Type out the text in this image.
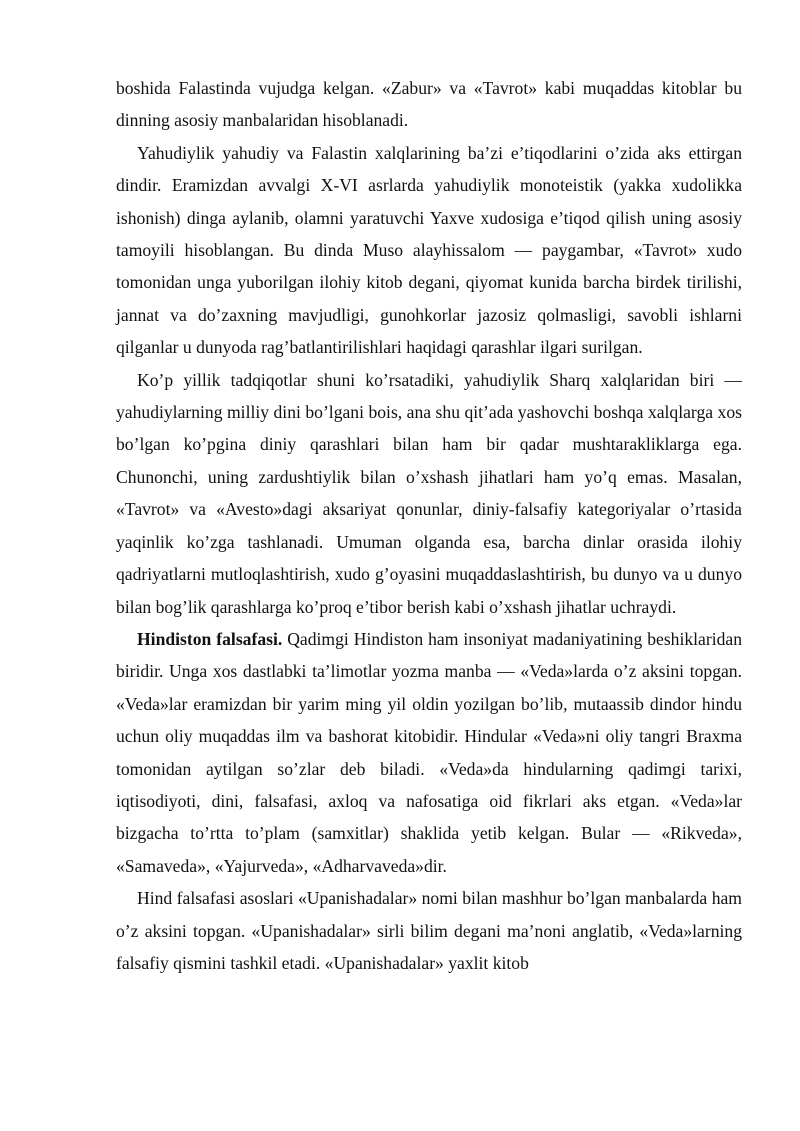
boshida Falastinda vujudga kelgan. «Zabur» va «Tavrot» kabi muqaddas kitoblar bu dinning asosiy manbalaridan hisoblanadi.

Yahudiylik yahudiy va Falastin xalqlarining ba’zi e’tiqodlarini o’zida aks ettirgan dindir. Eramizdan avvalgi X-VI asrlarda yahudiylik monoteistik (yakka xudolikka ishonish) dinga aylanib, olamni yaratuvchi Yaxve xudosiga e’tiqod qilish uning asosiy tamoyili hisoblangan. Bu dinda Muso alayhissalom — paygambar, «Tavrot» xudo tomonidan unga yuborilgan ilohiy kitob degani, qiyomat kunida barcha birdek tirilishi, jannat va do’zaxning mavjudligi, gunohkorlar jazosiz qolmasligi, savobli ishlarni qilganlar u dunyoda rag’batlantirilishlari haqidagi qarashlar ilgari surilgan.

Ko’p yillik tadqiqotlar shuni ko’rsatadiki, yahudiylik Sharq xalqlaridan biri — yahudiylarning milliy dini bo’lgani bois, ana shu qit’ada yashovchi boshqa xalqlarga xos bo’lgan ko’pgina diniy qarashlari bilan ham bir qadar mushtarakliklarga ega. Chunonchi, uning zardushtiylik bilan o’xshash jihatlari ham yo’q emas. Masalan, «Tavrot» va «Avesto»dagi aksariyat qonunlar, diniy-falsafiy kategoriyalar o’rtasida yaqinlik ko’zga tashlanadi. Umuman olganda esa, barcha dinlar orasida ilohiy qadriyatlarni mutloqlashtirish, xudo g’oyasini muqaddaslashtirish, bu dunyo va u dunyo bilan bog’lik qarashlarga ko’proq e’tibor berish kabi o’xshash jihatlar uchraydi.

Hindiston falsafasi. Qadimgi Hindiston ham insoniyat madaniyatining beshiklaridan biridir. Unga xos dastlabki ta’limotlar yozma manba — «Veda»larda o’z aksini topgan. «Veda»lar eramizdan bir yarim ming yil oldin yozilgan bo’lib, mutaassib dindor hindu uchun oliy muqaddas ilm va bashorat kitobidir. Hindular «Veda»ni oliy tangri Braxma tomonidan aytilgan so’zlar deb biladi. «Veda»da hindularning qadimgi tarixi, iqtisodiyoti, dini, falsafasi, axloq va nafosatiga oid fikrlari aks etgan. «Veda»lar bizgacha to’rtta to’plam (samxitlar) shaklida yetib kelgan. Bular — «Rikveda», «Samaveda», «Yajurveda», «Adharvaveda»dir.

Hind falsafasi asoslari «Upanishadalar» nomi bilan mashhur bo’lgan manbalarda ham o’z aksini topgan. «Upanishadalar» sirli bilim degani ma’noni anglatib, «Veda»larning falsafiy qismini tashkil etadi. «Upanishadalar» yaxlit kitob
